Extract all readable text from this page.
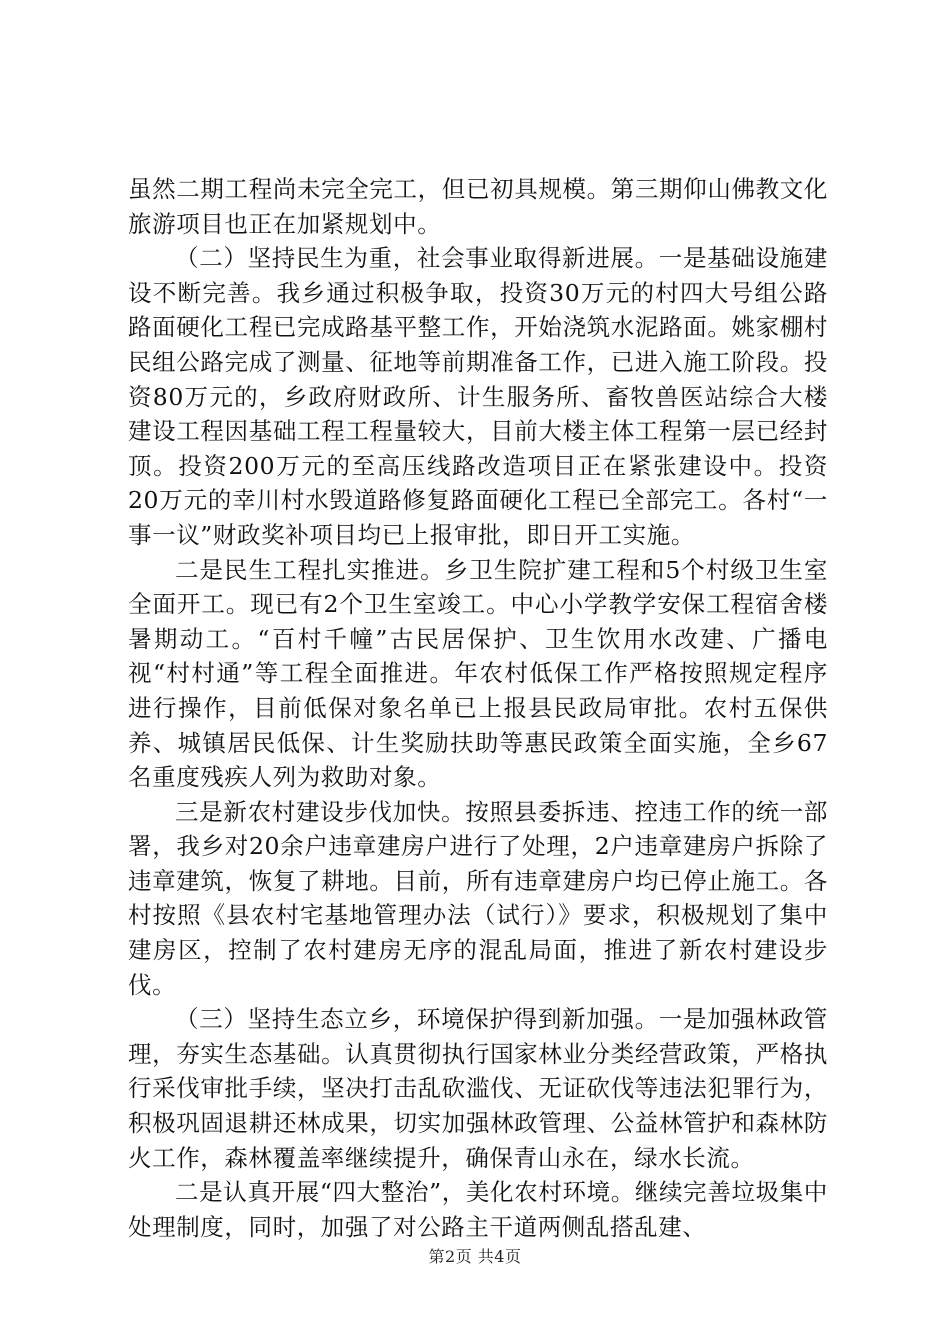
虽然二期工程尚未完全完工，但已初具规模。第三期仰山佛教文化旅游项目也正在加紧规划中。

（二）坚持民生为重，社会事业取得新进展。一是基础设施建设不断完善。我乡通过积极争取，投资30万元的村四大号组公路路面硬化工程已完成路基平整工作，开始浇筑水泥路面。姚家棚村民组公路完成了测量、征地等前期准备工作，已进入施工阶段。投资80万元的，乡政府财政所、计生服务所、畜牧兽医站综合大楼建设工程因基础工程工程量较大，目前大楼主体工程第一层已经封顶。投资200万元的至高压线路改造项目正在紧张建设中。投资20万元的幸川村水毁道路修复路面硬化工程已全部完工。各村“一事一议”财政奖补项目均已上报审批，即日开工实施。

二是民生工程扎实推进。乡卫生院扩建工程和5个村级卫生室全面开工。现已有2个卫生室竣工。中心小学教学安保工程宿舍楼暑期动工。“百村千幢”古民居保护、卫生饮用水改建、广播电视“村村通”等工程全面推进。年农村低保工作严格按照规定程序进行操作，目前低保对象名单已上报县民政局审批。农村五保供养、城镇居民低保、计生奖励扶助等惠民政策全面实施，全乡67名重度残疾人列为救助对象。

三是新农村建设步伐加快。按照县委拆违、控违工作的统一部署，我乡对20余户违章建房户进行了处理，2户违章建房户拆除了违章建筑，恢复了耕地。目前，所有违章建房户均已停止施工。各村按照《县农村宅基地管理办法（试行）》要求，积极规划了集中建房区，控制了农村建房无序的混乱局面，推进了新农村建设步伐。

（三）坚持生态立乡，环境保护得到新加强。一是加强林政管理，夯实生态基础。认真贯彻执行国家林业分类经营政策，严格执行采伐审批手续，坚决打击乱砍滥伐、无证砍伐等违法犯罪行为，积极巩固退耕还林成果，切实加强林政管理、公益林管护和森林防火工作，森林覆盖率继续提升，确保青山永在，绿水长流。

二是认真开展“四大整治”，美化农村环境。继续完善垃圾集中处理制度，同时，加强了对公路主干道两侧乱搭乱建、

第2页 共4页
